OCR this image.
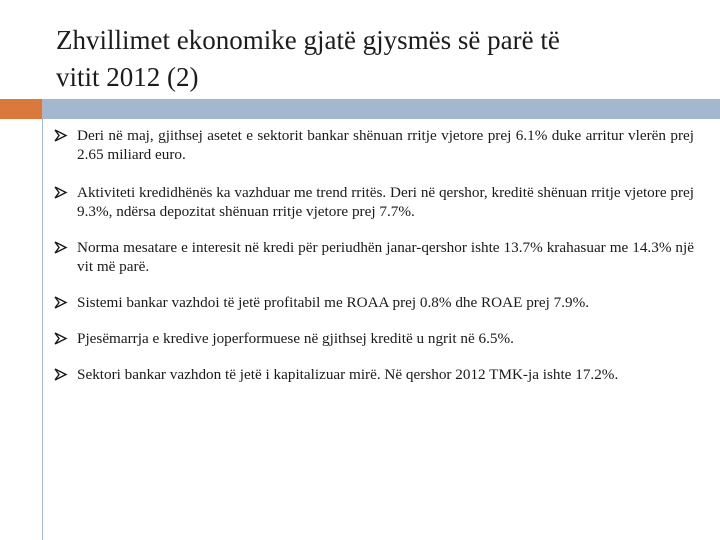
Zhvillimet ekonomike gjatë gjysmës së parë të
vitit 2012 (2)
Deri në maj, gjithsej asetet e sektorit bankar shënuan rritje vjetore prej 6.1% duke arritur vlerën prej 2.65 miliard euro.
Aktiviteti kredidhënës ka vazhduar me trend rritës. Deri në qershor, kreditë shënuan rritje vjetore prej 9.3%, ndërsa depozitat shënuan rritje vjetore prej 7.7%.
Norma mesatare e interesit në kredi për periudhën janar-qershor ishte 13.7% krahasuar me 14.3% një vit më parë.
Sistemi bankar vazhdoi të jetë profitabil me ROAA prej 0.8% dhe ROAE prej 7.9%.
Pjesëmarrja e kredive joperformuese në gjithsej kreditë u ngrit në 6.5%.
Sektori bankar vazhdon të jetë i kapitalizuar mirë. Në qershor 2012 TMK-ja ishte 17.2%.
